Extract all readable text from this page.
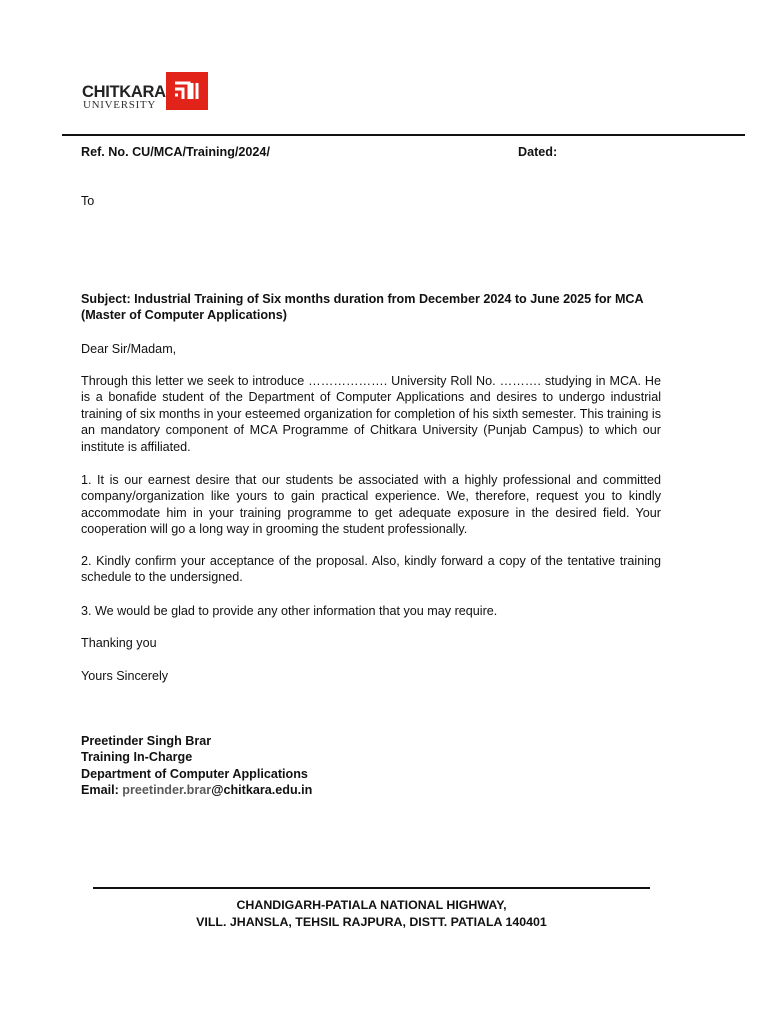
CHITKARA
UNIVERSITY
Ref. No. CU/MCA/Training/2024/	Dated:
To
Subject: Industrial Training of Six months duration from December 2024 to June 2025 for MCA
(Master of Computer Applications)
Dear Sir/Madam,
Through this letter we seek to introduce ………………. University Roll No. ………. studying in MCA. He is a bonafide student of the Department of Computer Applications and desires to undergo industrial training of six months in your esteemed organization for completion of his sixth semester. This training is an mandatory component of MCA Programme of Chitkara University (Punjab Campus) to which our institute is affiliated.
1. It is our earnest desire that our students be associated with a highly professional and committed company/organization like yours to gain practical experience. We, therefore, request you to kindly accommodate him in your training programme to get adequate exposure in the desired field. Your cooperation will go a long way in grooming the student professionally.
2. Kindly confirm your acceptance of the proposal. Also, kindly forward a copy of the tentative training schedule to the undersigned.
3. We would be glad to provide any other information that you may require.
Thanking you
Yours Sincerely
Preetinder Singh Brar
Training In-Charge
Department of Computer Applications
Email: preetinder.brar@chitkara.edu.in
CHANDIGARH-PATIALA NATIONAL HIGHWAY,
VILL. JHANSLA, TEHSIL RAJPURA, DISTT. PATIALA 140401
